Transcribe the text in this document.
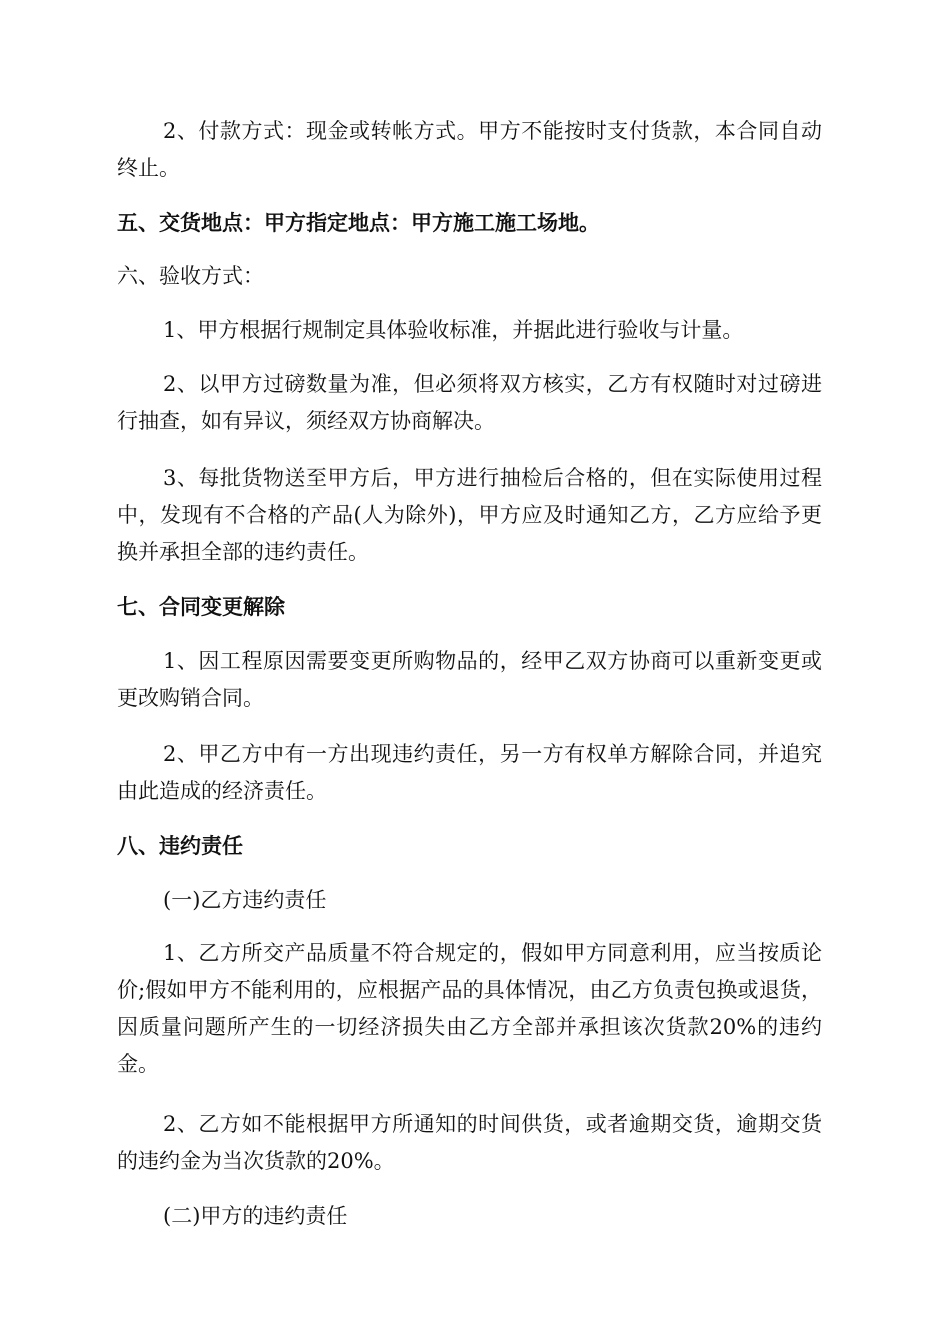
2、付款方式：现金或转帐方式。甲方不能按时支付货款，本合同自动终止。

五、交货地点：甲方指定地点：甲方施工施工场地。

六、验收方式：

1、甲方根据行规制定具体验收标准，并据此进行验收与计量。

2、以甲方过磅数量为准，但必须将双方核实，乙方有权随时对过磅进行抽查，如有异议，须经双方协商解决。

3、每批货物送至甲方后，甲方进行抽检后合格的，但在实际使用过程中，发现有不合格的产品(人为除外)，甲方应及时通知乙方，乙方应给予更换并承担全部的违约责任。

七、合同变更解除

1、因工程原因需要变更所购物品的，经甲乙双方协商可以重新变更或更改购销合同。

2、甲乙方中有一方出现违约责任，另一方有权单方解除合同，并追究由此造成的经济责任。

八、违约责任

(一)乙方违约责任

1、乙方所交产品质量不符合规定的，假如甲方同意利用，应当按质论价;假如甲方不能利用的，应根据产品的具体情况，由乙方负责包换或退货，因质量问题所产生的一切经济损失由乙方全部并承担该次货款20%的违约金。

2、乙方如不能根据甲方所通知的时间供货，或者逾期交货，逾期交货的违约金为当次货款的20%。

(二)甲方的违约责任
